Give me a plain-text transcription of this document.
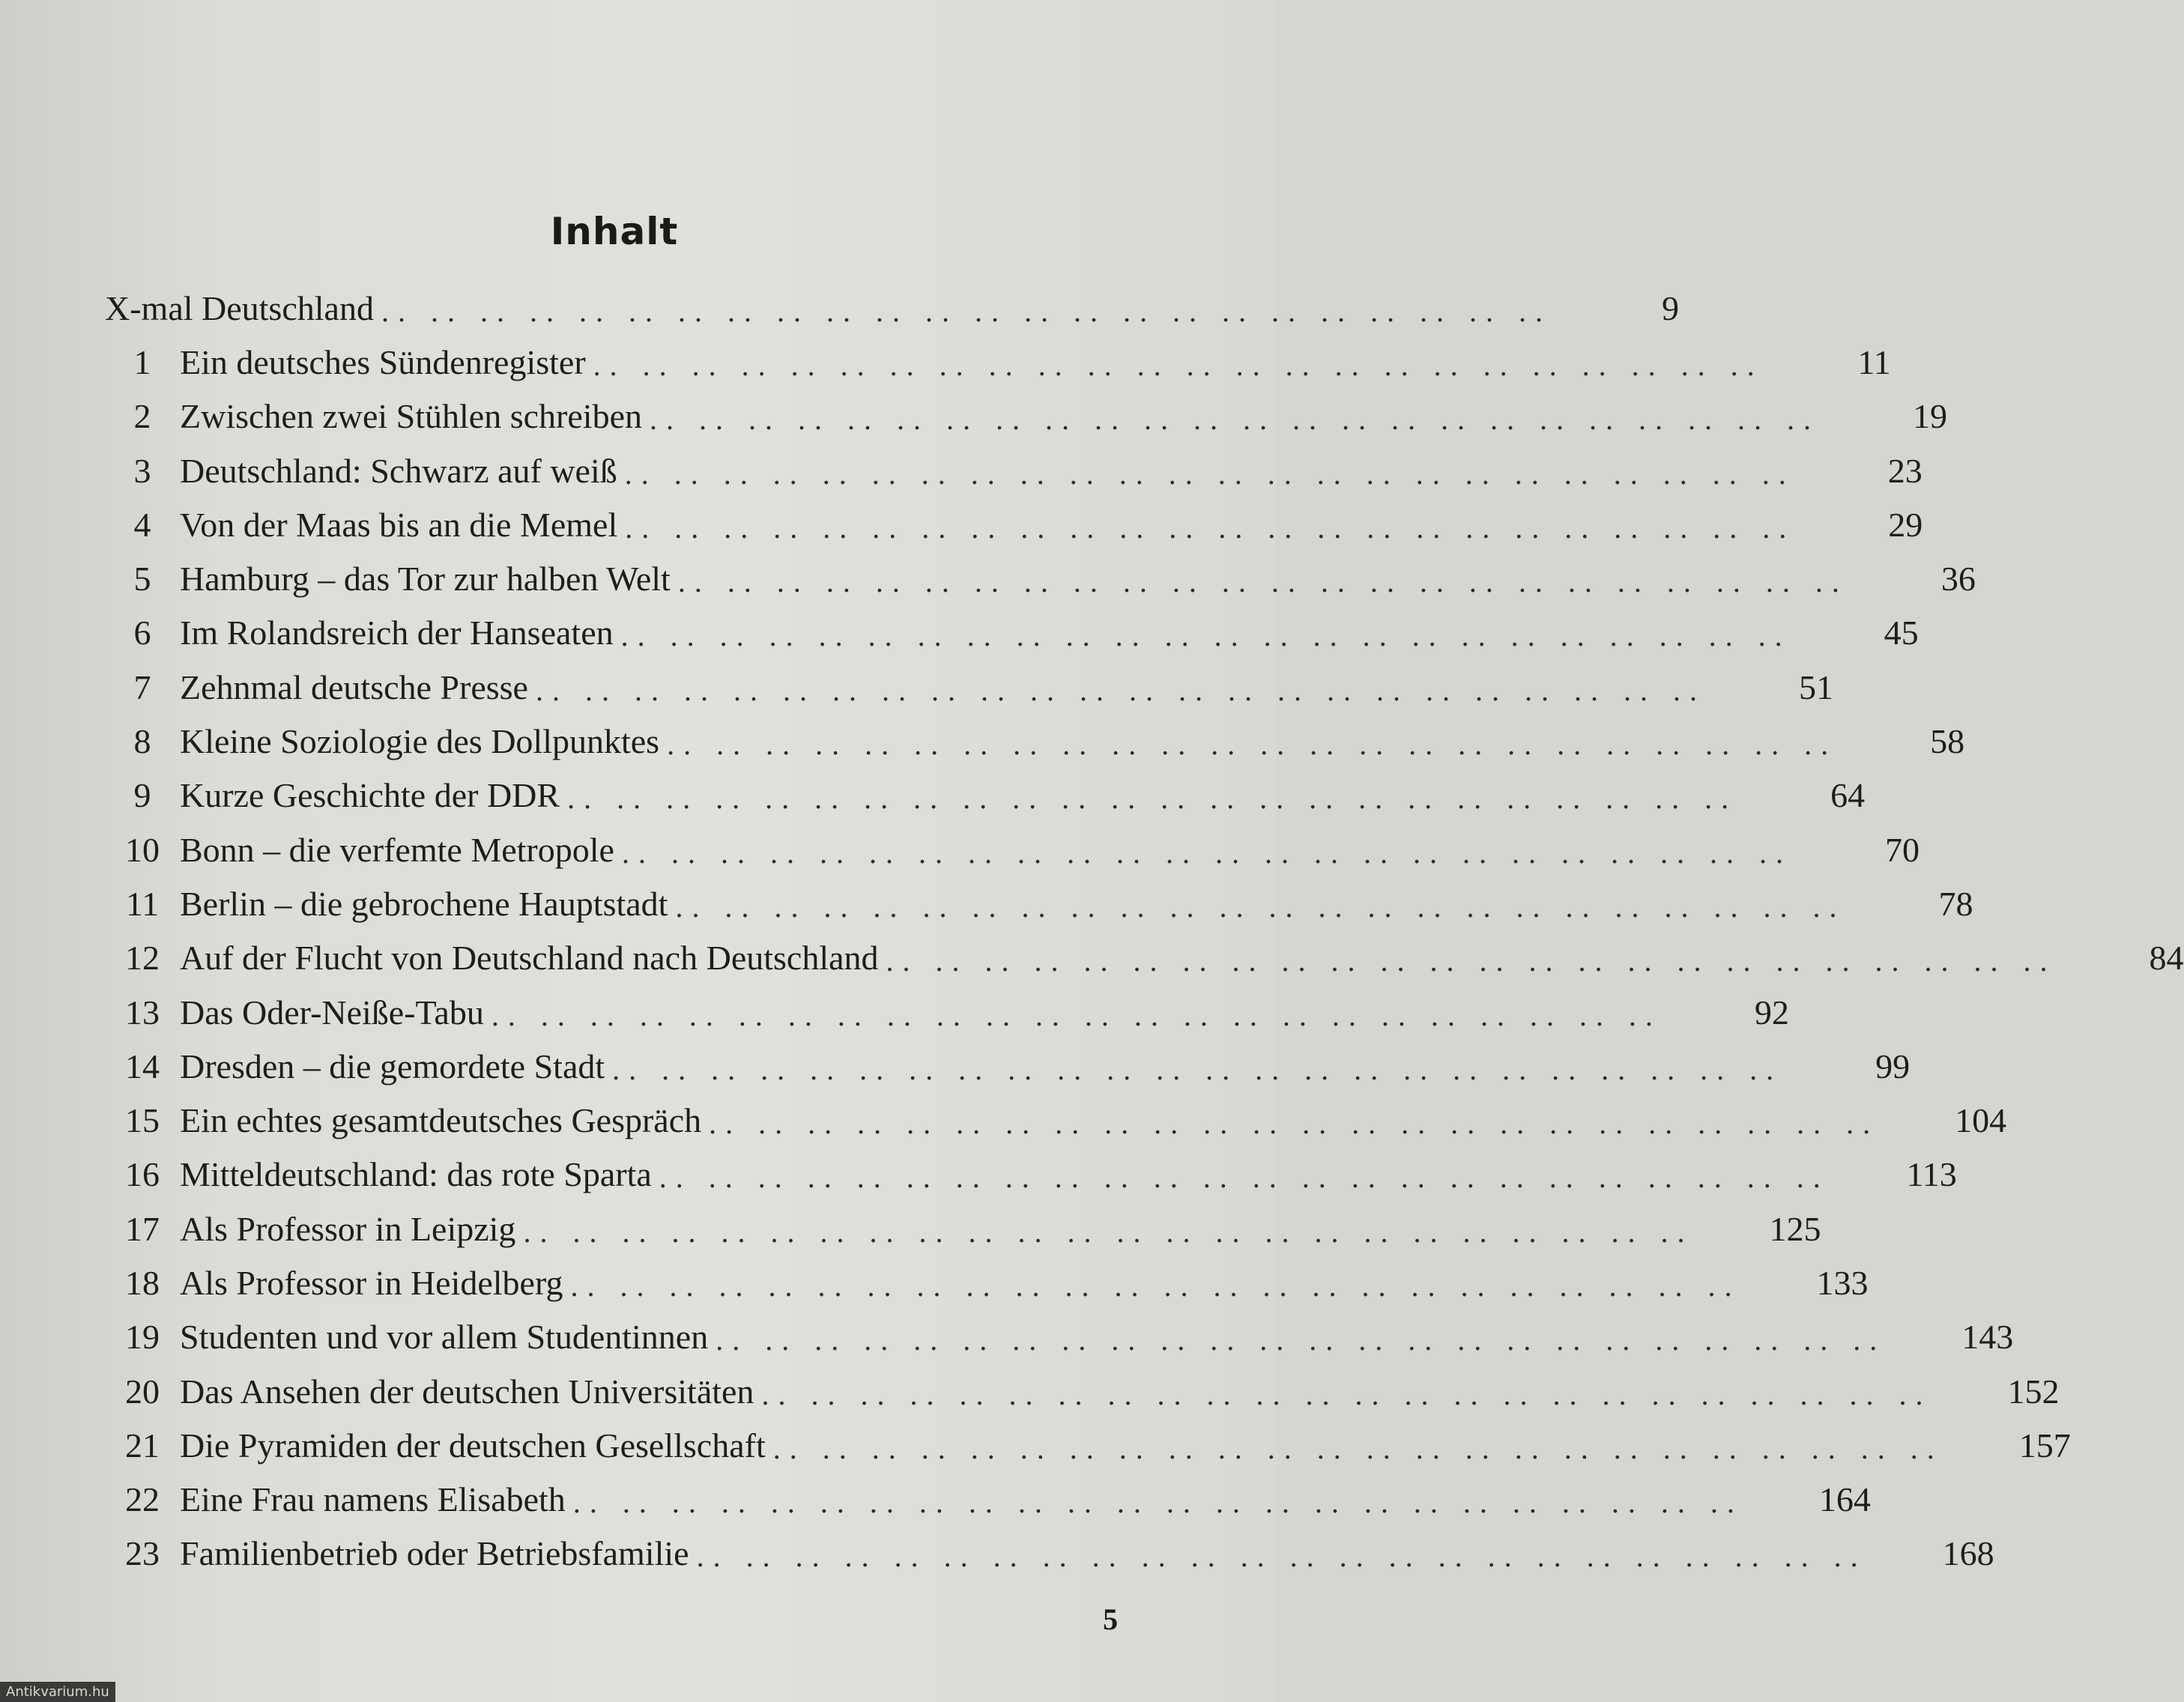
Inhalt
X-mal Deutschland .. .. .. .. .. .. .. .. .. .. .. .. .. .. .. .. .. .. .. .. .. .. .. ..	9
1 Ein deutsches Sündenregister .. .. .. .. .. .. .. .. .. .. .. .. .. .. .. .. .. .. .. .. .. .. .. ..	11
2 Zwischen zwei Stühlen schreiben .. .. .. .. .. .. .. .. .. .. .. .. .. .. .. .. .. .. .. .. .. .. .. ..	19
3 Deutschland: Schwarz auf weiß .. .. .. .. .. .. .. .. .. .. .. .. .. .. .. .. .. .. .. .. .. .. .. ..	23
4 Von der Maas bis an die Memel .. .. .. .. .. .. .. .. .. .. .. .. .. .. .. .. .. .. .. .. .. .. .. ..	29
5 Hamburg – das Tor zur halben Welt .. .. .. .. .. .. .. .. .. .. .. .. .. .. .. .. .. .. .. .. .. .. .. ..	36
6 Im Rolandsreich der Hanseaten .. .. .. .. .. .. .. .. .. .. .. .. .. .. .. .. .. .. .. .. .. .. .. ..	45
7 Zehnmal deutsche Presse .. .. .. .. .. .. .. .. .. .. .. .. .. .. .. .. .. .. .. .. .. .. .. ..	51
8 Kleine Soziologie des Dollpunktes .. .. .. .. .. .. .. .. .. .. .. .. .. .. .. .. .. .. .. .. .. .. .. ..	58
9 Kurze Geschichte der DDR .. .. .. .. .. .. .. .. .. .. .. .. .. .. .. .. .. .. .. .. .. .. .. ..	64
10 Bonn – die verfemte Metropole .. .. .. .. .. .. .. .. .. .. .. .. .. .. .. .. .. .. .. .. .. .. .. ..	70
11 Berlin – die gebrochene Hauptstadt .. .. .. .. .. .. .. .. .. .. .. .. .. .. .. .. .. .. .. .. .. .. .. ..	78
12 Auf der Flucht von Deutschland nach Deutschland .. .. .. .. .. .. .. .. .. .. .. .. .. .. .. .. .. .. .. .. .. .. .. ..	84
13 Das Oder-Neiße-Tabu .. .. .. .. .. .. .. .. .. .. .. .. .. .. .. .. .. .. .. .. .. .. .. ..	92
14 Dresden – die gemordete Stadt .. .. .. .. .. .. .. .. .. .. .. .. .. .. .. .. .. .. .. .. .. .. .. ..	99
15 Ein echtes gesamtdeutsches Gespräch .. .. .. .. .. .. .. .. .. .. .. .. .. .. .. .. .. .. .. .. .. .. .. ..	104
16 Mitteldeutschland: das rote Sparta .. .. .. .. .. .. .. .. .. .. .. .. .. .. .. .. .. .. .. .. .. .. .. ..	113
17 Als Professor in Leipzig .. .. .. .. .. .. .. .. .. .. .. .. .. .. .. .. .. .. .. .. .. .. .. ..	125
18 Als Professor in Heidelberg .. .. .. .. .. .. .. .. .. .. .. .. .. .. .. .. .. .. .. .. .. .. .. ..	133
19 Studenten und vor allem Studentinnen .. .. .. .. .. .. .. .. .. .. .. .. .. .. .. .. .. .. .. .. .. .. .. ..	143
20 Das Ansehen der deutschen Universitäten .. .. .. .. .. .. .. .. .. .. .. .. .. .. .. .. .. .. .. .. .. .. .. ..	152
21 Die Pyramiden der deutschen Gesellschaft .. .. .. .. .. .. .. .. .. .. .. .. .. .. .. .. .. .. .. .. .. .. .. ..	157
22 Eine Frau namens Elisabeth .. .. .. .. .. .. .. .. .. .. .. .. .. .. .. .. .. .. .. .. .. .. .. ..	164
23 Familienbetrieb oder Betriebsfamilie .. .. .. .. .. .. .. .. .. .. .. .. .. .. .. .. .. .. .. .. .. .. .. ..	168
5
Antikvarium.hu
